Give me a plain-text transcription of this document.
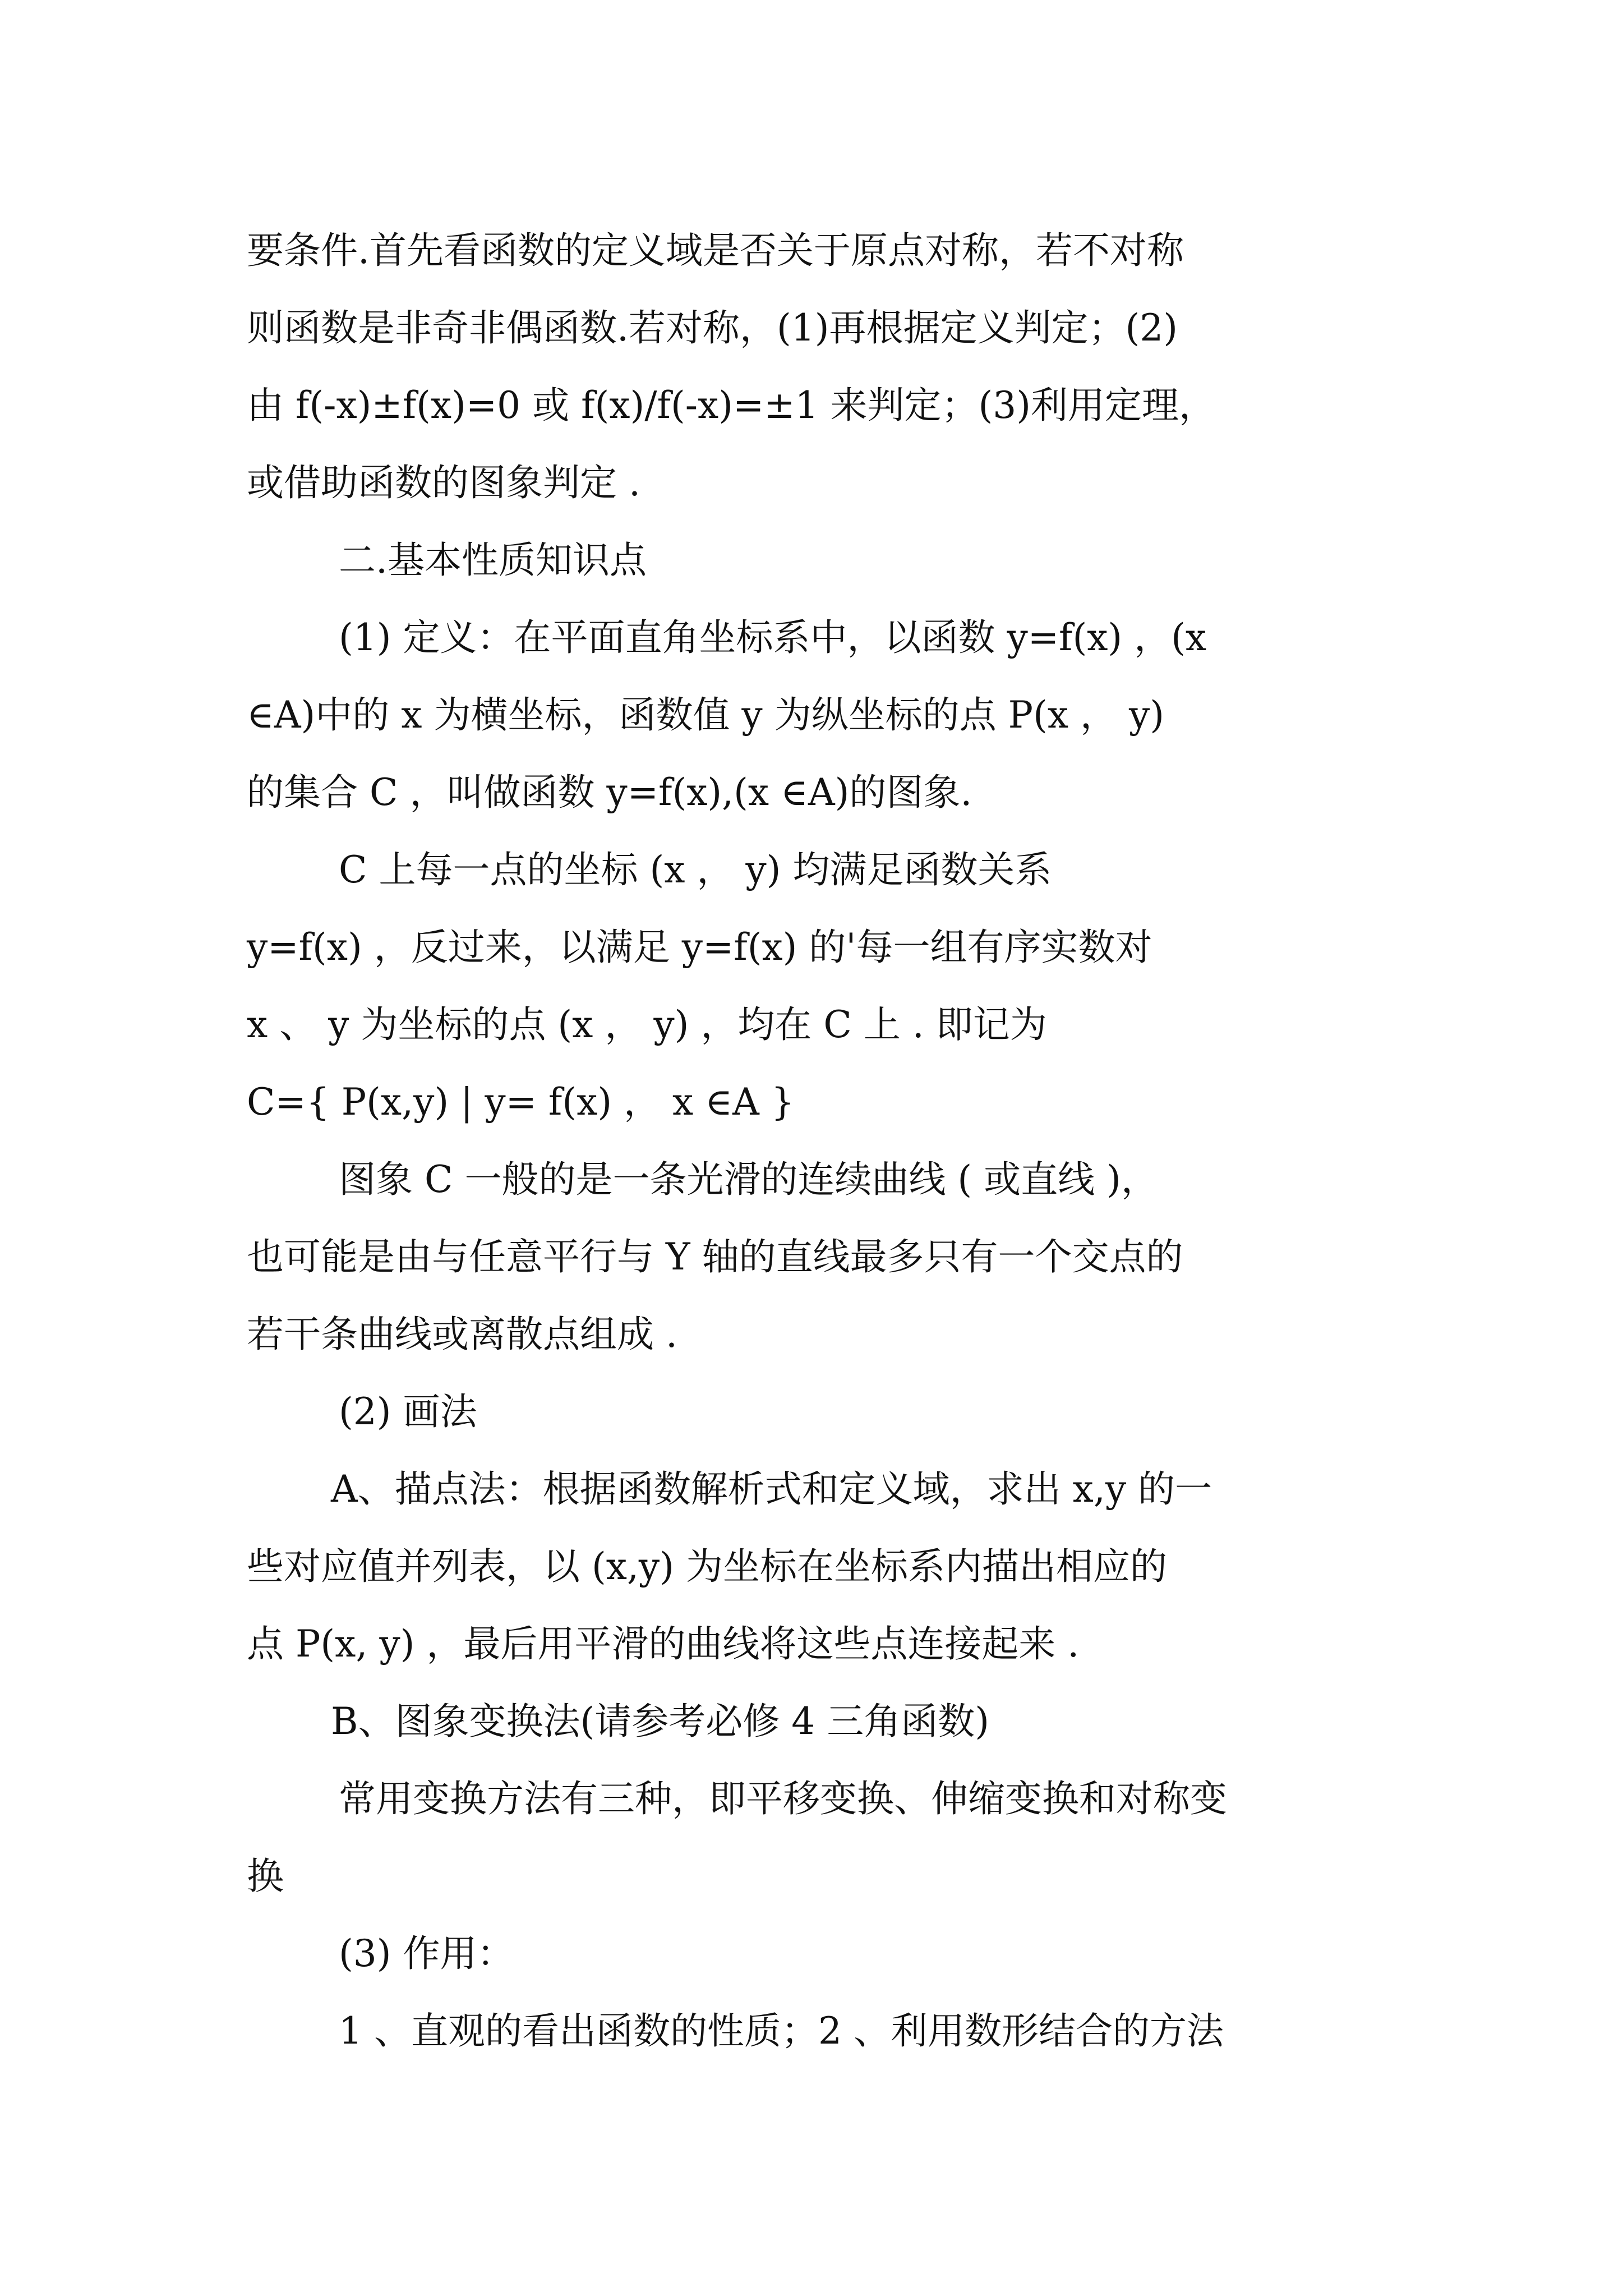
要条件.首先看函数的定义域是否关于原点对称，若不对称
则函数是非奇非偶函数.若对称，(1)再根据定义判定；(2)
由 f(-x)±f(x)=0 或 f(x)/f(-x)=±1 来判定；(3)利用定理，
或借助函数的图象判定 .
二.基本性质知识点
(1) 定义：在平面直角坐标系中，以函数 y=f(x) ，(x
∈A)中的 x 为横坐标，函数值 y 为纵坐标的点 P(x ， y)
的集合 C ，叫做函数 y=f(x),(x ∈A)的图象.
C 上每一点的坐标 (x ， y) 均满足函数关系
y=f(x) ，反过来，以满足 y=f(x) 的'每一组有序实数对
x 、 y 为坐标的点 (x ， y) ，均在 C 上 . 即记为
C={ P(x,y) | y= f(x) ， x ∈A }
图象 C 一般的是一条光滑的连续曲线 ( 或直线 )，
也可能是由与任意平行与 Y 轴的直线最多只有一个交点的
若干条曲线或离散点组成 .
(2) 画法
A、描点法：根据函数解析式和定义域，求出 x,y 的一
些对应值并列表，以 (x,y) 为坐标在坐标系内描出相应的
点 P(x, y) ，最后用平滑的曲线将这些点连接起来 .
B、图象变换法(请参考必修 4 三角函数)
常用变换方法有三种，即平移变换、伸缩变换和对称变
换
(3) 作用：
1 、直观的看出函数的性质；2 、利用数形结合的方法
